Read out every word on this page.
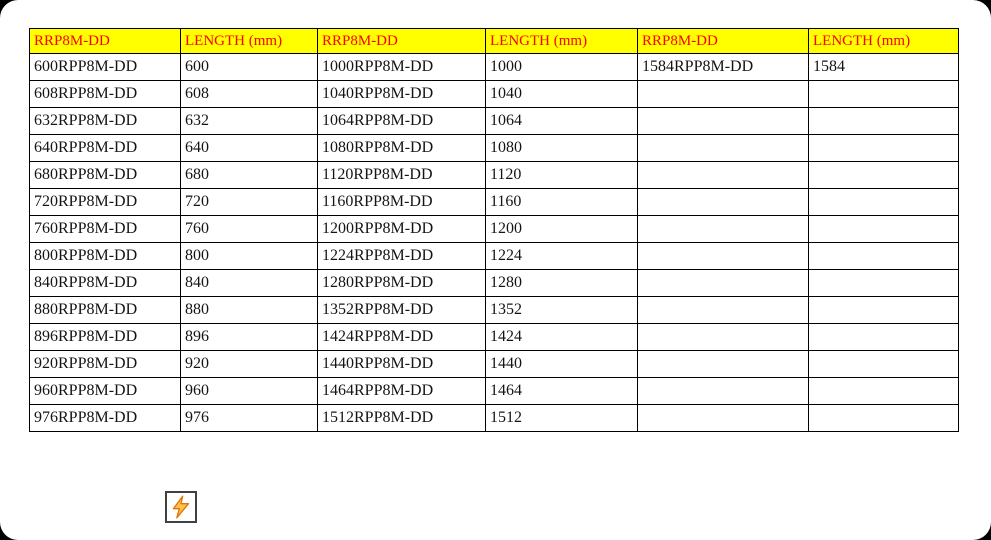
RRP8M-DD	LENGTH (mm)	RRP8M-DD	LENGTH (mm)	RRP8M-DD	LENGTH (mm)
600RPP8M-DD	600	1000RPP8M-DD	1000	1584RPP8M-DD	1584
608RPP8M-DD	608	1040RPP8M-DD	1040		
632RPP8M-DD	632	1064RPP8M-DD	1064		
640RPP8M-DD	640	1080RPP8M-DD	1080		
680RPP8M-DD	680	1120RPP8M-DD	1120		
720RPP8M-DD	720	1160RPP8M-DD	1160		
760RPP8M-DD	760	1200RPP8M-DD	1200		
800RPP8M-DD	800	1224RPP8M-DD	1224		
840RPP8M-DD	840	1280RPP8M-DD	1280		
880RPP8M-DD	880	1352RPP8M-DD	1352		
896RPP8M-DD	896	1424RPP8M-DD	1424		
920RPP8M-DD	920	1440RPP8M-DD	1440		
960RPP8M-DD	960	1464RPP8M-DD	1464		
976RPP8M-DD	976	1512RPP8M-DD	1512		
